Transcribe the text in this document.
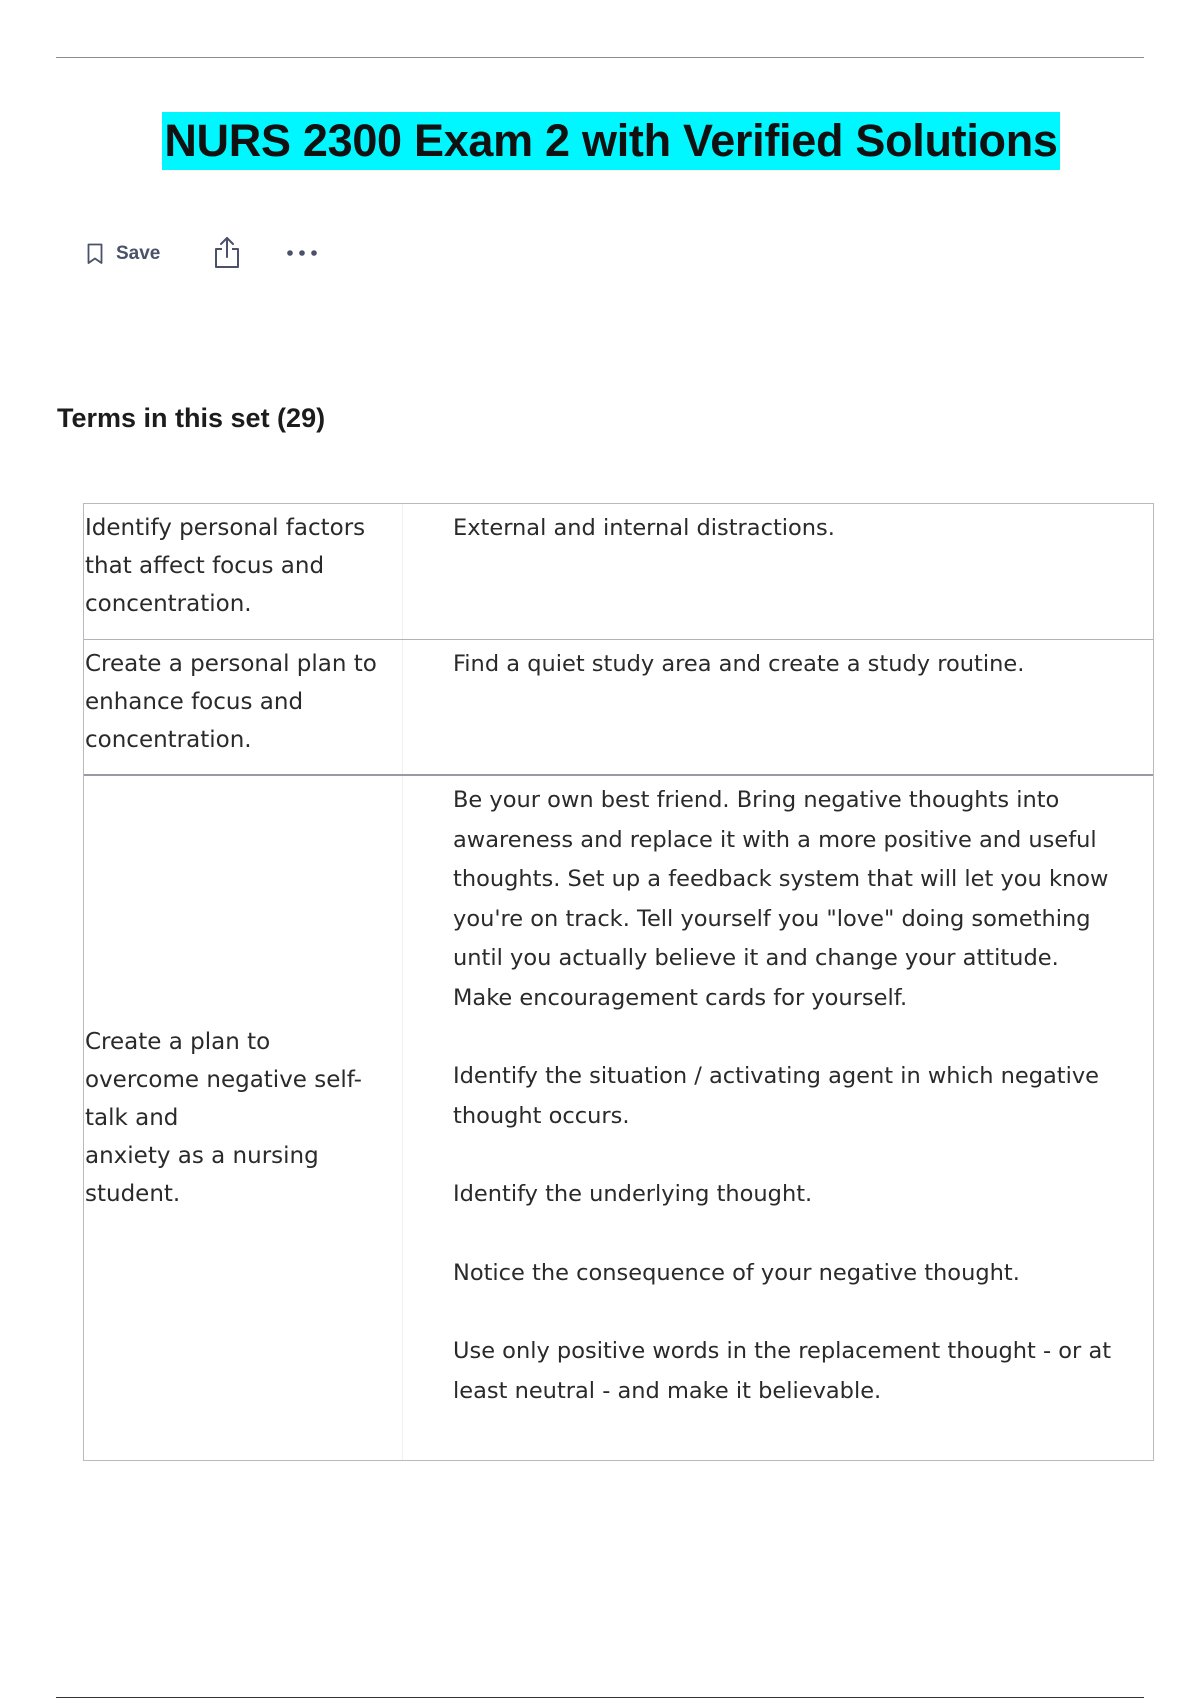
NURS 2300 Exam 2 with Verified Solutions
Save
Terms in this set (29)
Identify personal factors
that affect focus and
concentration.

External and internal distractions.

Create a personal plan to
enhance focus and
concentration.

Find a quiet study area and create a study routine.

Create a plan to
overcome negative self-
talk and
anxiety as a nursing
student.

Be your own best friend. Bring negative thoughts into awareness and replace it with a more positive and useful thoughts. Set up a feedback system that will let you know you're on track. Tell yourself you "love" doing something until you actually believe it and change your attitude. Make encouragement cards for yourself.

Identify the situation / activating agent in which negative thought occurs.

Identify the underlying thought.

Notice the consequence of your negative thought.

Use only positive words in the replacement thought - or at least neutral - and make it believable.
